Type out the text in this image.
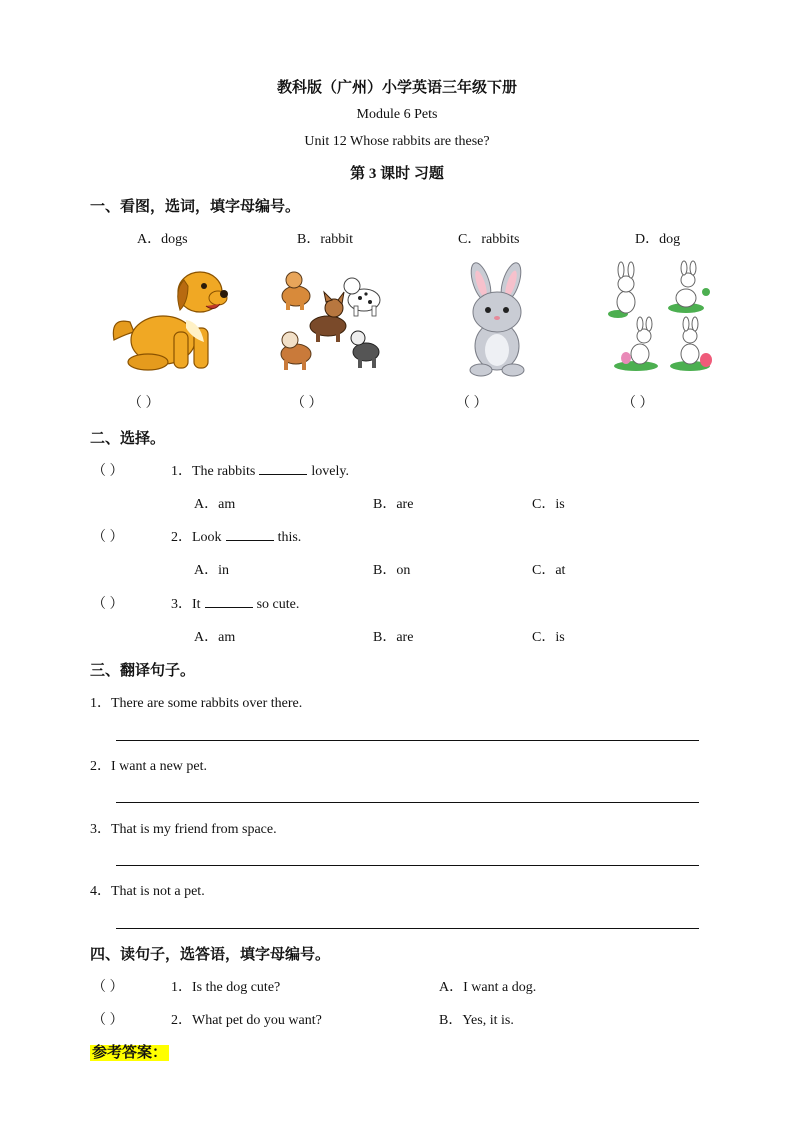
教科版（广州）小学英语三年级下册
Module 6 Pets
Unit 12 Whose rabbits are these?
第 3 课时 习题
一、看图，选词，填字母编号。
A．dogs	B．rabbit	C．rabbits	D．dog
（ ）	（ ）	（ ）	（ ）
二、选择。
（ ）	1．The rabbits	lovely.
A．am	B．are	C．is
（ ）	2．Look	this.
A．in	B．on	C．at
（ ）	3．It	so cute.
A．am	B．are	C．is
三、翻译句子。
1．There are some rabbits over there.
2．I want a new pet.
3．That is my friend from space.
4．That is not a pet.
四、读句子，选答语，填字母编号。
（ ）	1．Is the dog cute?	A．I want a dog.
（ ）	2．What pet do you want?	B．Yes, it is.
参考答案：
